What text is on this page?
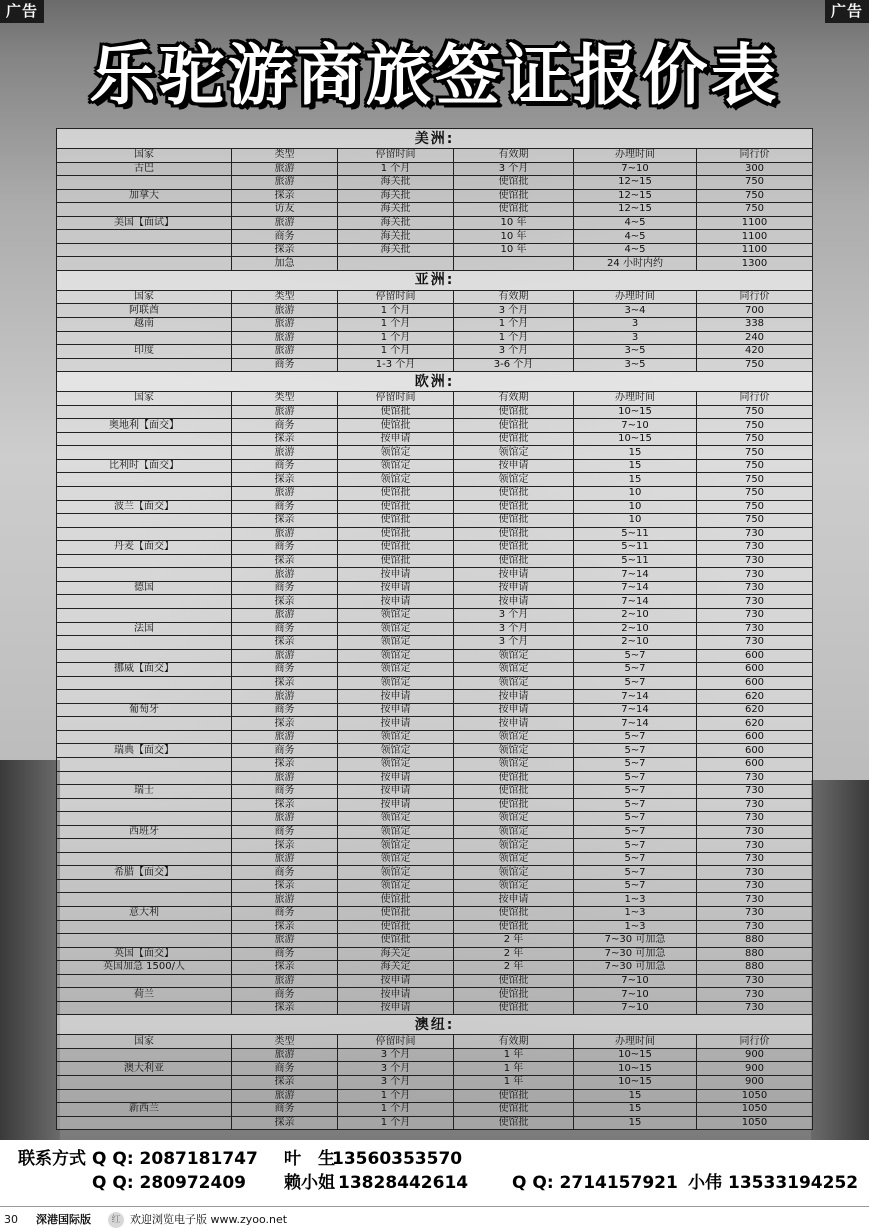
广告	广告
乐驼游商旅签证报价表
美洲:					
国家	类型	停留时间	有效期	办理时间	同行价
古巴	旅游	1 个月	3 个月	7~10	300
	旅游	海关批	使馆批	12~15	750
加拿大	探亲	海关批	使馆批	12~15	750
	访友	海关批	使馆批	12~15	750
美国【面试】	旅游	海关批	10 年	4~5	1100
	商务	海关批	10 年	4~5	1100
	探亲	海关批	10 年	4~5	1100
	加急			24 小时内约	1300
亚洲:					
国家	类型	停留时间	有效期	办理时间	同行价
阿联酋	旅游	1 个月	3 个月	3~4	700
越南	旅游	1 个月	1 个月	3	338
	旅游	1 个月	1 个月	3	240
印度	旅游	1 个月	3 个月	3~5	420
	商务	1-3 个月	3-6 个月	3~5	750
欧洲:					
国家	类型	停留时间	有效期	办理时间	同行价
	旅游	使馆批	使馆批	10~15	750
奥地利【面交】	商务	使馆批	使馆批	7~10	750
	探亲	按申请	使馆批	10~15	750
	旅游	领馆定	领馆定	15	750
比利时【面交】	商务	领馆定	按申请	15	750
	探亲	领馆定	领馆定	15	750
	旅游	使馆批	使馆批	10	750
波兰【面交】	商务	使馆批	使馆批	10	750
	探亲	使馆批	使馆批	10	750
	旅游	使馆批	使馆批	5~11	730
丹麦【面交】	商务	使馆批	使馆批	5~11	730
	探亲	使馆批	使馆批	5~11	730
	旅游	按申请	按申请	7~14	730
德国	商务	按申请	按申请	7~14	730
	探亲	按申请	按申请	7~14	730
	旅游	领馆定	3 个月	2~10	730
法国	商务	领馆定	3 个月	2~10	730
	探亲	领馆定	3 个月	2~10	730
	旅游	领馆定	领馆定	5~7	600
挪威【面交】	商务	领馆定	领馆定	5~7	600
	探亲	领馆定	领馆定	5~7	600
	旅游	按申请	按申请	7~14	620
葡萄牙	商务	按申请	按申请	7~14	620
	探亲	按申请	按申请	7~14	620
	旅游	领馆定	领馆定	5~7	600
瑞典【面交】	商务	领馆定	领馆定	5~7	600
	探亲	领馆定	领馆定	5~7	600
	旅游	按申请	使馆批	5~7	730
瑞士	商务	按申请	使馆批	5~7	730
	探亲	按申请	使馆批	5~7	730
	旅游	领馆定	领馆定	5~7	730
西班牙	商务	领馆定	领馆定	5~7	730
	探亲	领馆定	领馆定	5~7	730
	旅游	领馆定	领馆定	5~7	730
希腊【面交】	商务	领馆定	领馆定	5~7	730
	探亲	领馆定	领馆定	5~7	730
	旅游	使馆批	按申请	1~3	730
意大利	商务	使馆批	使馆批	1~3	730
	探亲	使馆批	使馆批	1~3	730
	旅游	使馆批	2 年	7~30 可加急	880
英国【面交】	商务	海关定	2 年	7~30 可加急	880
英国加急 1500/人	探亲	海关定	2 年	7~30 可加急	880
	旅游	按申请	使馆批	7~10	730
荷兰	商务	按申请	使馆批	7~10	730
	探亲	按申请	使馆批	7~10	730
澳纽:					
国家	类型	停留时间	有效期	办理时间	同行价
	旅游	3 个月	1 年	10~15	900
澳大利亚	商务	3 个月	1 年	10~15	900
	探亲	3 个月	1 年	10~15	900
	旅游	1 个月	使馆批	15	1050
新西兰	商务	1 个月	使馆批	15	1050
	探亲	1 个月	使馆批	15	1050
联系方式 Q Q: 2087181747 叶　生
13560353570
Q Q: 280972409 赖小姐 13828442614	Q Q: 2714157921 小伟 13533194252
30 深港国际版	红 欢迎浏览电子版 www.zyoo.net
